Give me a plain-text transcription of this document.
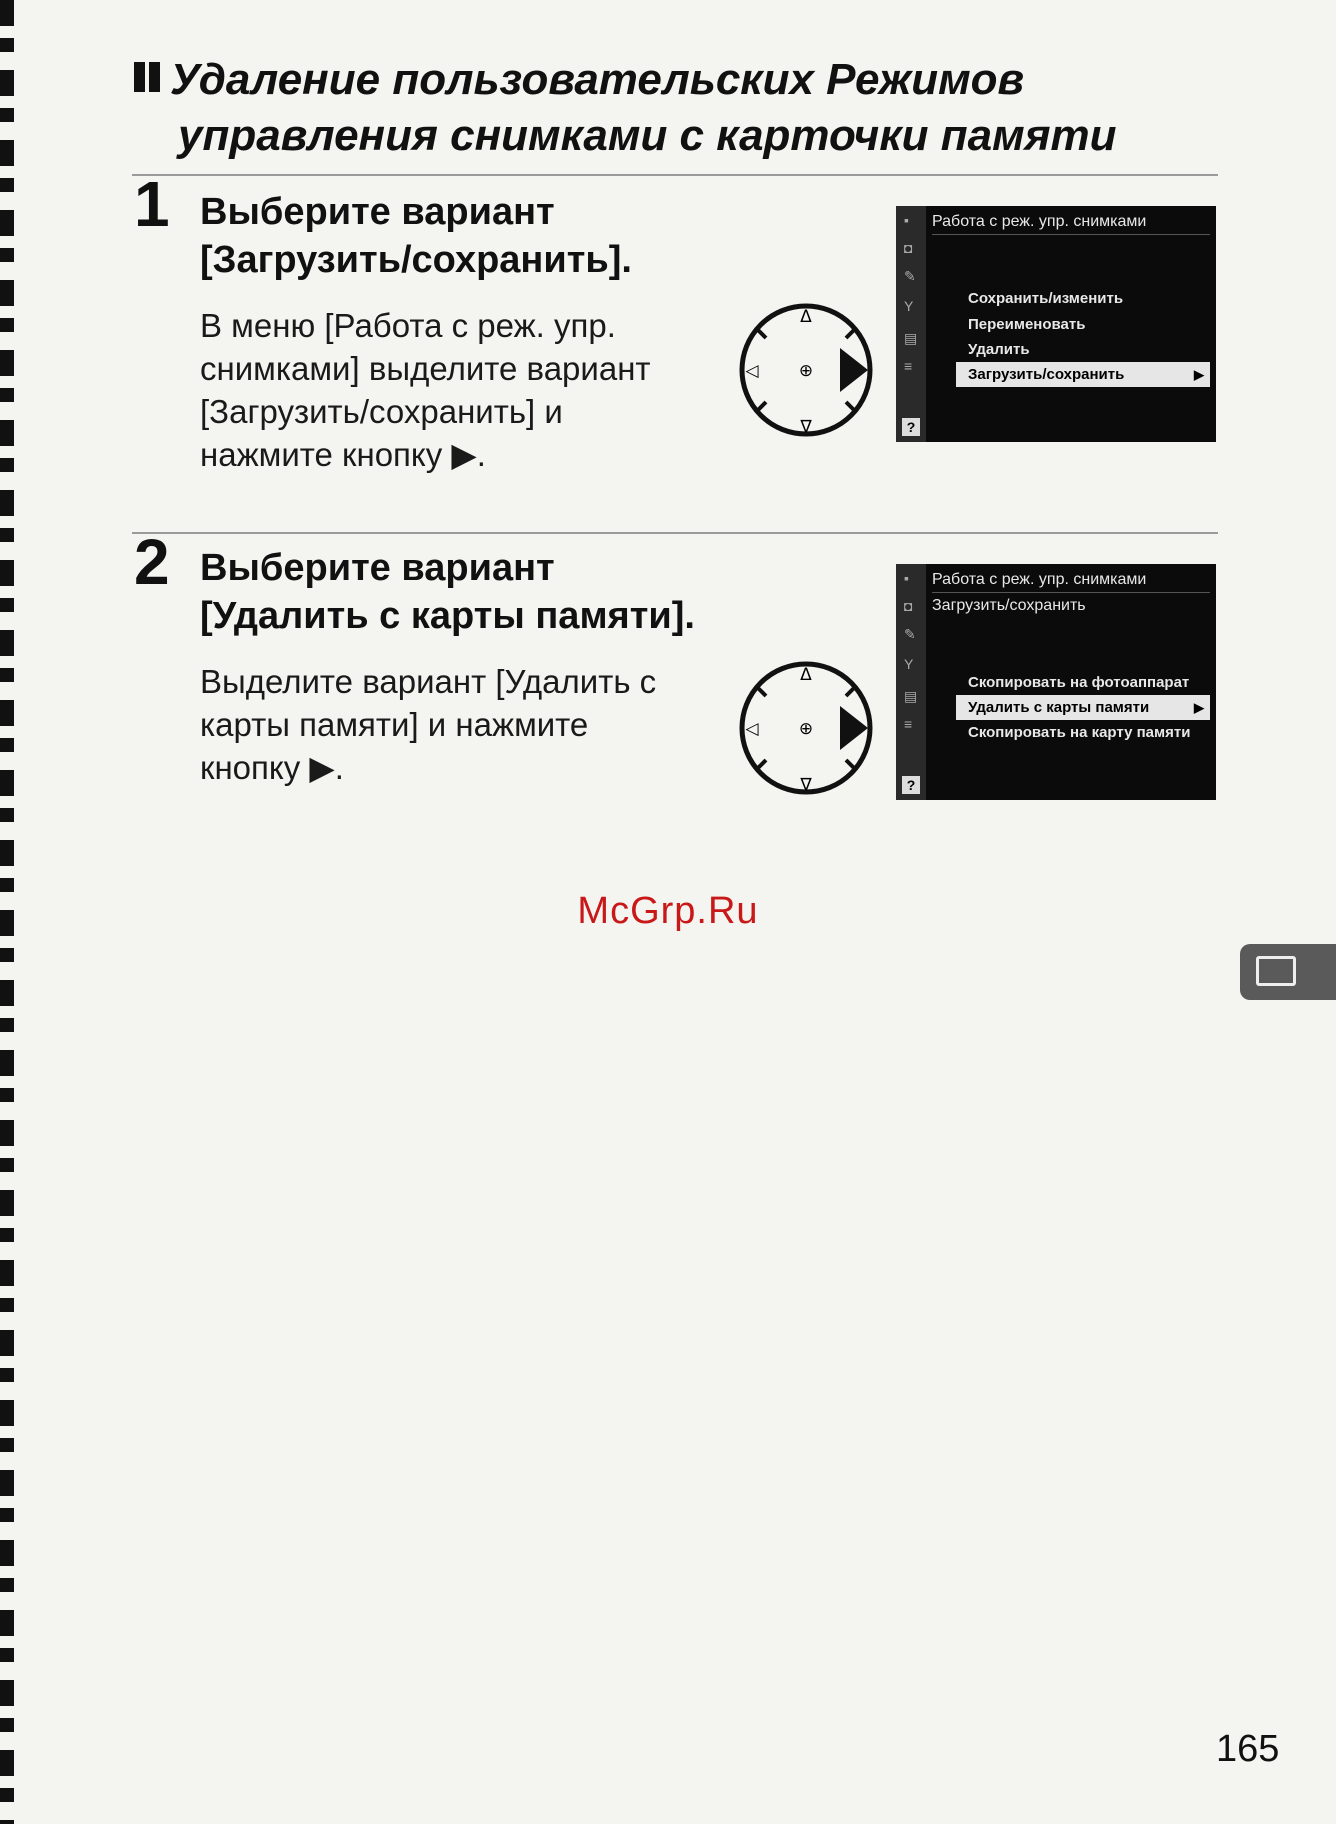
Удаление пользовательских Режимов
управления снимками с карточки памяти
1 Выберите вариант
[Загрузить/сохранить].
В меню [Работа с реж. упр.
снимками] выделите вариант
[Загрузить/сохранить] и
нажмите кнопку ▶.
Δ
∇
◁ ⊕
▪
◘
✎
Y
▤
≡
Работа с реж. упр. снимками
Сохранить/изменить
Переименовать
Удалить
Загрузить/сохранить	▶
?
2 Выберите вариант
[Удалить с карты памяти].
Выделите вариант [Удалить с
карты памяти] и нажмите
кнопку ▶.
Δ
∇
◁ ⊕
▪
◘
✎
Y
▤
≡
Работа с реж. упр. снимками
Загрузить/сохранить
Скопировать на фотоаппарат
Удалить с карты памяти	▶
Скопировать на карту памяти
?
McGrp.Ru
165
